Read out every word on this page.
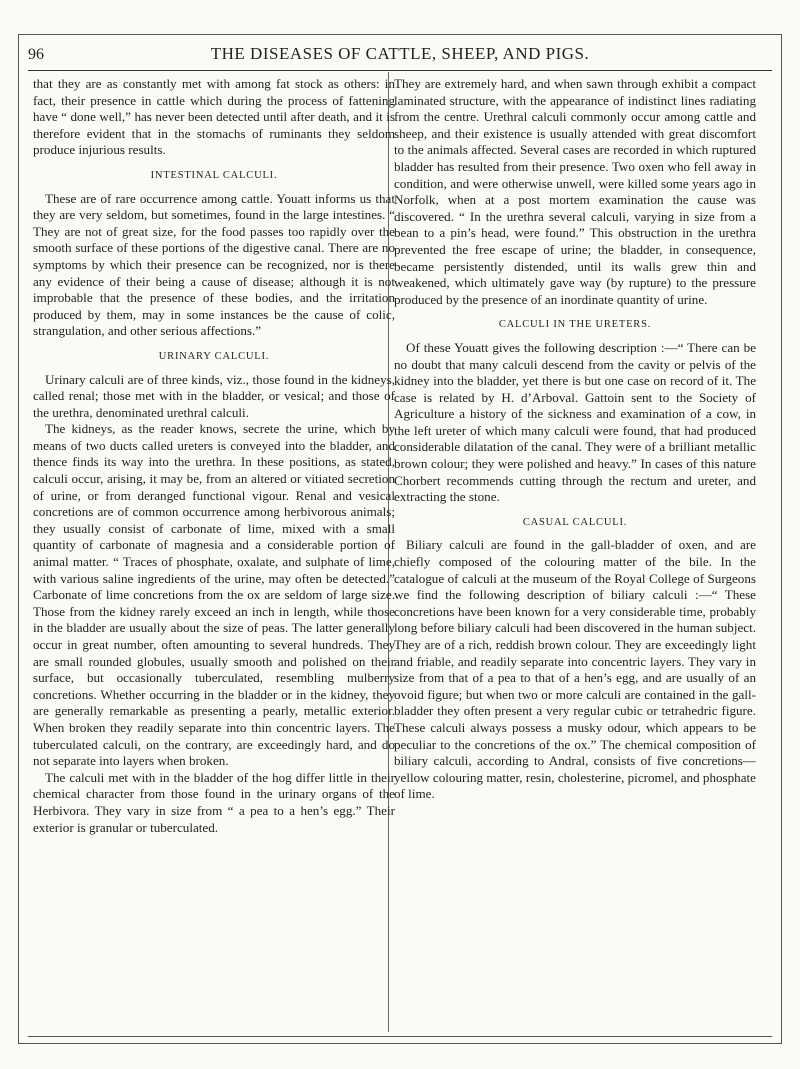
96	THE DISEASES OF CATTLE, SHEEP, AND PIGS.

that they are as constantly met with among fat stock as others: in fact, their presence in cattle which during the process of fattening have “ done well,” has never been detected until after death, and it is therefore evident that in the stomachs of ruminants they seldom produce injurious results.

INTESTINAL CALCULI.

These are of rare occurrence among cattle. Youatt informs us that they are very seldom, but sometimes, found in the large intestines. “ They are not of great size, for the food passes too rapidly over the smooth surface of these portions of the digestive canal. There are no symptoms by which their presence can be recognized, nor is there any evidence of their being a cause of disease; although it is not improbable that the presence of these bodies, and the irritation produced by them, may in some instances be the cause of colic, strangulation, and other serious affections.”

URINARY CALCULI.

Urinary calculi are of three kinds, viz., those found in the kidneys, called renal; those met with in the bladder, or vesical; and those of the urethra, denominated urethral calculi.

The kidneys, as the reader knows, secrete the urine, which by means of two ducts called ureters is conveyed into the bladder, and thence finds its way into the urethra. In these positions, as stated, calculi occur, arising, it may be, from an altered or vitiated secretion of urine, or from deranged functional vigour. Renal and vesical concretions are of common occurrence among herbivorous animals; they usually consist of carbonate of lime, mixed with a small quantity of carbonate of magnesia and a considerable portion of animal matter. “ Traces of phosphate, oxalate, and sulphate of lime, with various saline ingredients of the urine, may often be detected.” Carbonate of lime concretions from the ox are seldom of large size. Those from the kidney rarely exceed an inch in length, while those in the bladder are usually about the size of peas. The latter generally occur in great number, often amounting to several hundreds. They are small rounded globules, usually smooth and polished on their surface, but occasionally tuberculated, resembling mulberry concretions. Whether occurring in the bladder or in the kidney, they are generally remarkable as presenting a pearly, metallic exterior. When broken they readily separate into thin concentric layers. The tuberculated calculi, on the contrary, are exceedingly hard, and do not separate into layers when broken.

The calculi met with in the bladder of the hog differ little in their chemical character from those found in the urinary organs of the Herbivora. They vary in size from “ a pea to a hen’s egg.” Their exterior is granular or tuberculated.

They are extremely hard, and when sawn through exhibit a compact laminated structure, with the appearance of indistinct lines radiating from the centre. Urethral calculi commonly occur among cattle and sheep, and their existence is usually attended with great discomfort to the animals affected. Several cases are recorded in which ruptured bladder has resulted from their presence. Two oxen who fell away in condition, and were otherwise unwell, were killed some years ago in Norfolk, when at a post mortem examination the cause was discovered. “ In the urethra several calculi, varying in size from a bean to a pin’s head, were found.” This obstruction in the urethra prevented the free escape of urine; the bladder, in consequence, became persistently distended, until its walls grew thin and weakened, which ultimately gave way (by rupture) to the pressure produced by the presence of an inordinate quantity of urine.

CALCULI IN THE URETERS.

Of these Youatt gives the following description :—“ There can be no doubt that many calculi descend from the cavity or pelvis of the kidney into the bladder, yet there is but one case on record of it. The case is related by H. d’Arboval. Gattoin sent to the Society of Agriculture a history of the sickness and examination of a cow, in the left ureter of which many calculi were found, that had produced considerable dilatation of the canal. They were of a brilliant metallic brown colour; they were polished and heavy.” In cases of this nature Chorbert recommends cutting through the rectum and ureter, and extracting the stone.

CASUAL CALCULI.

Biliary calculi are found in the gall-bladder of oxen, and are chiefly composed of the colouring matter of the bile. In the catalogue of calculi at the museum of the Royal College of Surgeons we find the following description of biliary calculi :—“ These concretions have been known for a very considerable time, probably long before biliary calculi had been discovered in the human subject. They are of a rich, reddish brown colour. They are exceedingly light and friable, and readily separate into concentric layers. They vary in size from that of a pea to that of a hen’s egg, and are usually of an ovoid figure; but when two or more calculi are contained in the gall-bladder they often present a very regular cubic or tetrahedric figure. These calculi always possess a musky odour, which appears to be peculiar to the concretions of the ox.” The chemical composition of biliary calculi, according to Andral, consists of five concretions—yellow colouring matter, resin, cholesterine, picromel, and phosphate of lime.
